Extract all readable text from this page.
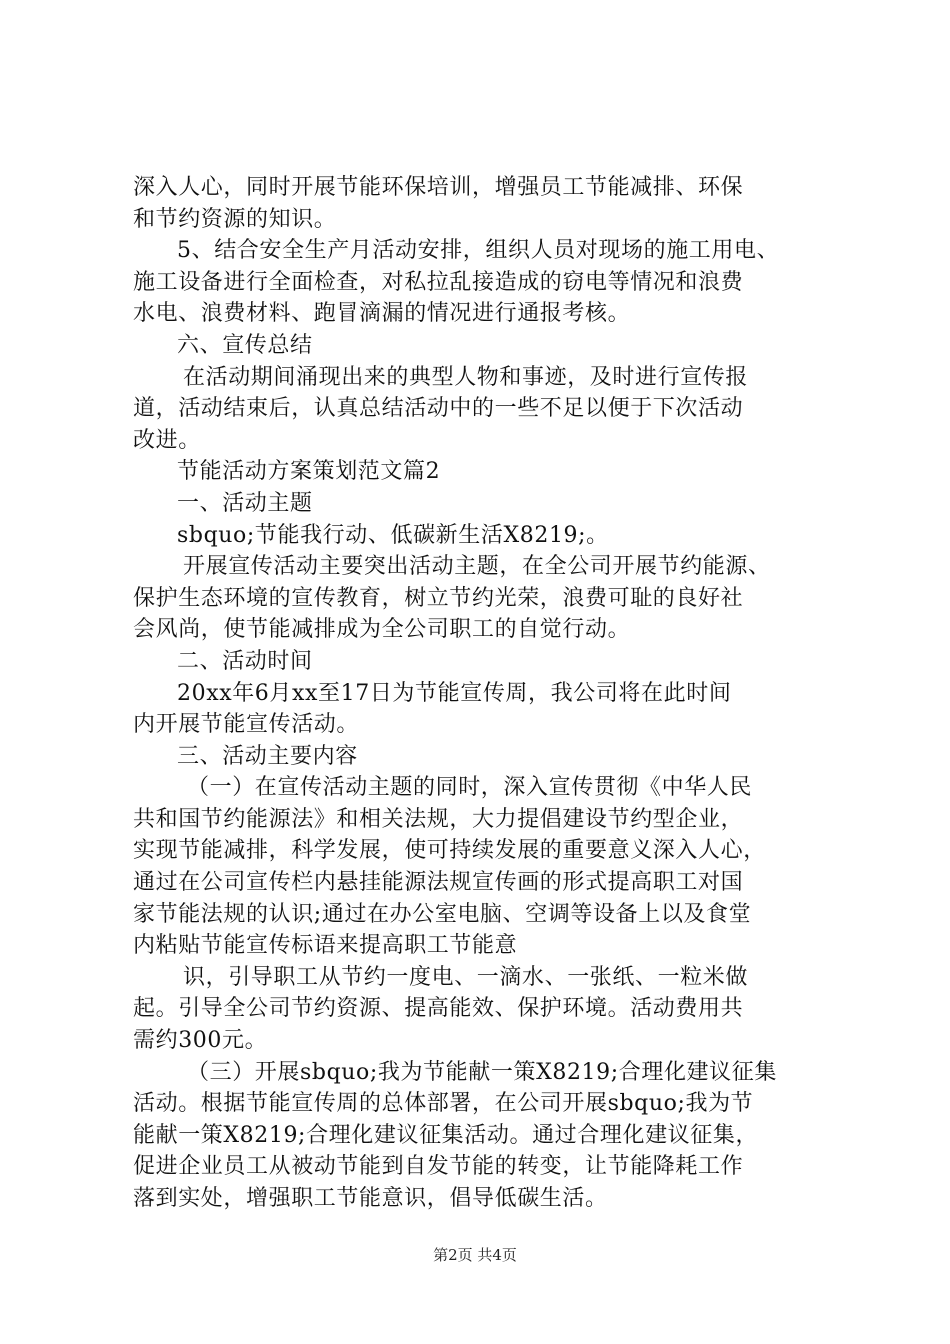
深入人心，同时开展节能环保培训，增强员工节能减排、环保
和节约资源的知识。
5、结合安全生产月活动安排，组织人员对现场的施工用电、
施工设备进行全面检查，对私拉乱接造成的窃电等情况和浪费
水电、浪费材料、跑冒滴漏的情况进行通报考核。
六、宣传总结
在活动期间涌现出来的典型人物和事迹，及时进行宣传报
道，活动结束后，认真总结活动中的一些不足以便于下次活动
改进。
节能活动方案策划范文篇2
一、活动主题
sbquo;节能我行动、低碳新生活X8219;。
开展宣传活动主要突出活动主题，在全公司开展节约能源、
保护生态环境的宣传教育，树立节约光荣，浪费可耻的良好社
会风尚，使节能减排成为全公司职工的自觉行动。
二、活动时间
20xx年6月xx至17日为节能宣传周，我公司将在此时间
内开展节能宣传活动。
三、活动主要内容
（一）在宣传活动主题的同时，深入宣传贯彻《中华人民
共和国节约能源法》和相关法规，大力提倡建设节约型企业，
实现节能减排，科学发展，使可持续发展的重要意义深入人心，
通过在公司宣传栏内悬挂能源法规宣传画的形式提高职工对国
家节能法规的认识;通过在办公室电脑、空调等设备上以及食堂
内粘贴节能宣传标语来提高职工节能意
识，引导职工从节约一度电、一滴水、一张纸、一粒米做
起。引导全公司节约资源、提高能效、保护环境。活动费用共
需约300元。
（三）开展sbquo;我为节能献一策X8219;合理化建议征集
活动。根据节能宣传周的总体部署，在公司开展sbquo;我为节
能献一策X8219;合理化建议征集活动。通过合理化建议征集，
促进企业员工从被动节能到自发节能的转变，让节能降耗工作
落到实处，增强职工节能意识，倡导低碳生活。
第2页 共4页
